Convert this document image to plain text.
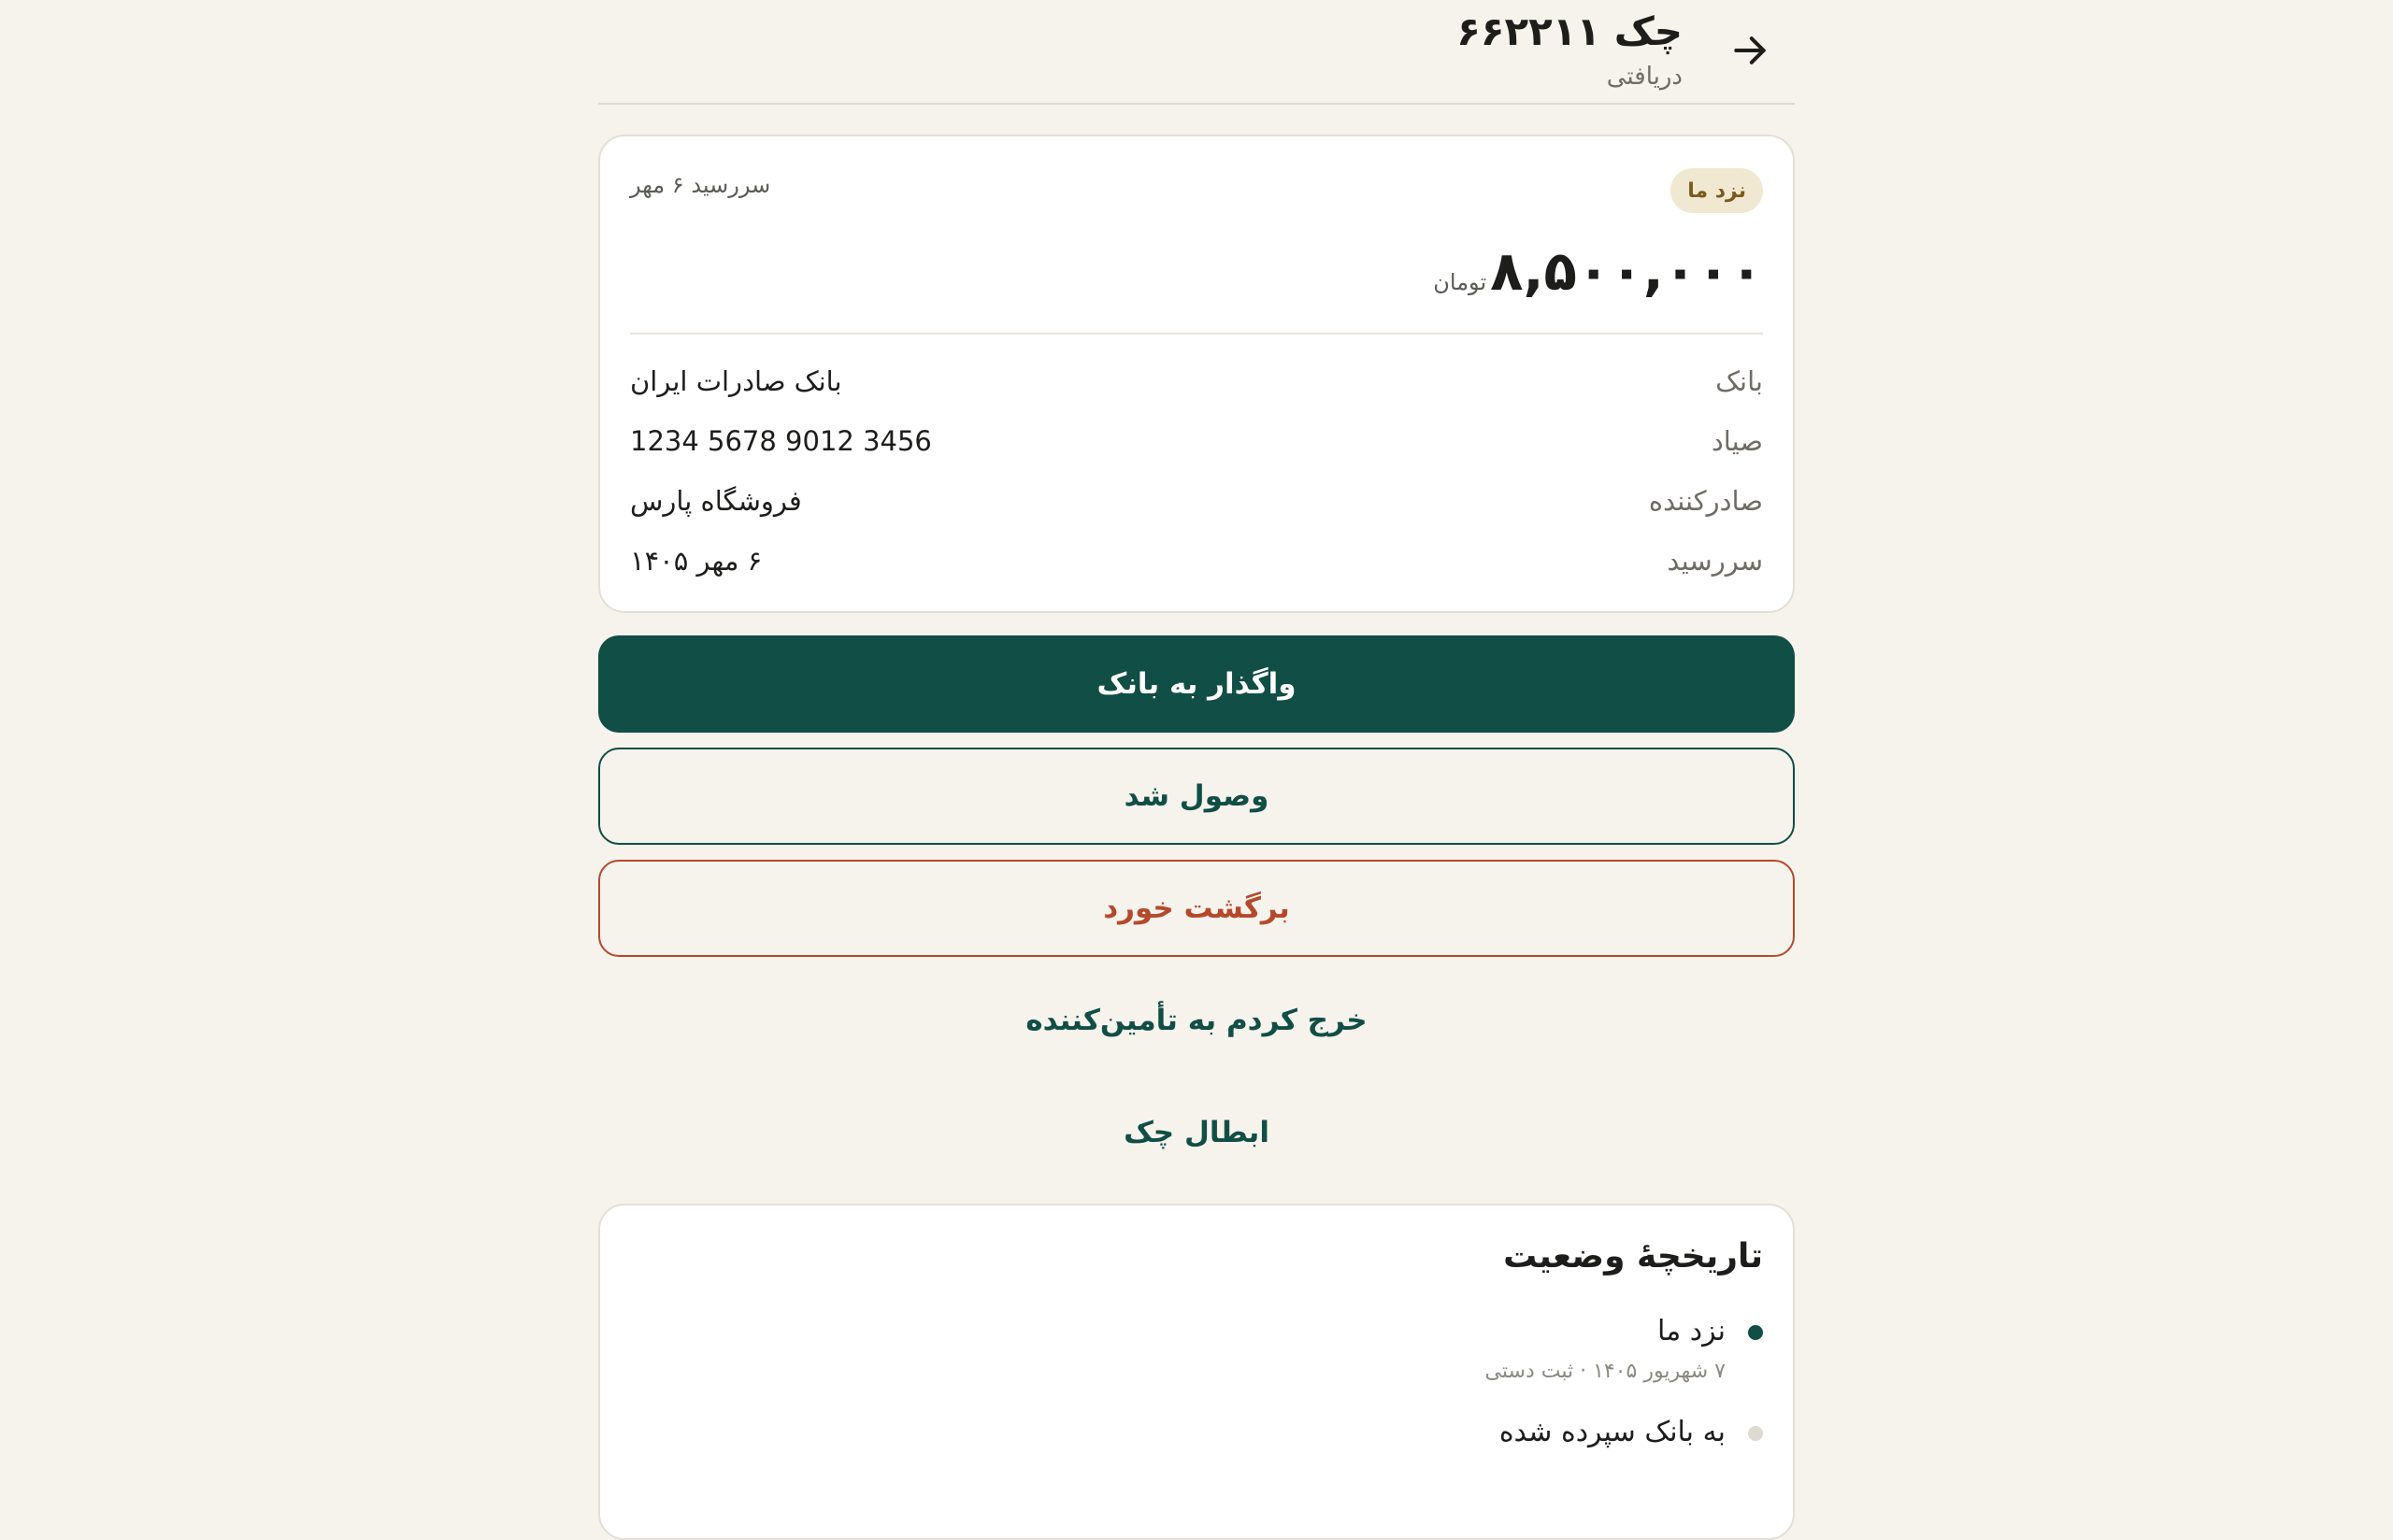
چک ۶۶۲۲۱۱
دریافتی
نزد ما
سررسید ۶ مهر
۸,۵۰۰,۰۰۰
تومان
بانک
بانک صادرات ایران
صیاد
1234 5678 9012 3456
صادرکننده
فروشگاه پارس
سررسید
۶ مهر ۱۴۰۵
واگذار به بانک
وصول شد
برگشت خورد
خرج کردم به تأمین‌کننده
ابطال چک
تاریخچهٔ وضعیت
نزد ما
۷ شهریور ۱۴۰۵ · ثبت دستی
به بانک سپرده شده
